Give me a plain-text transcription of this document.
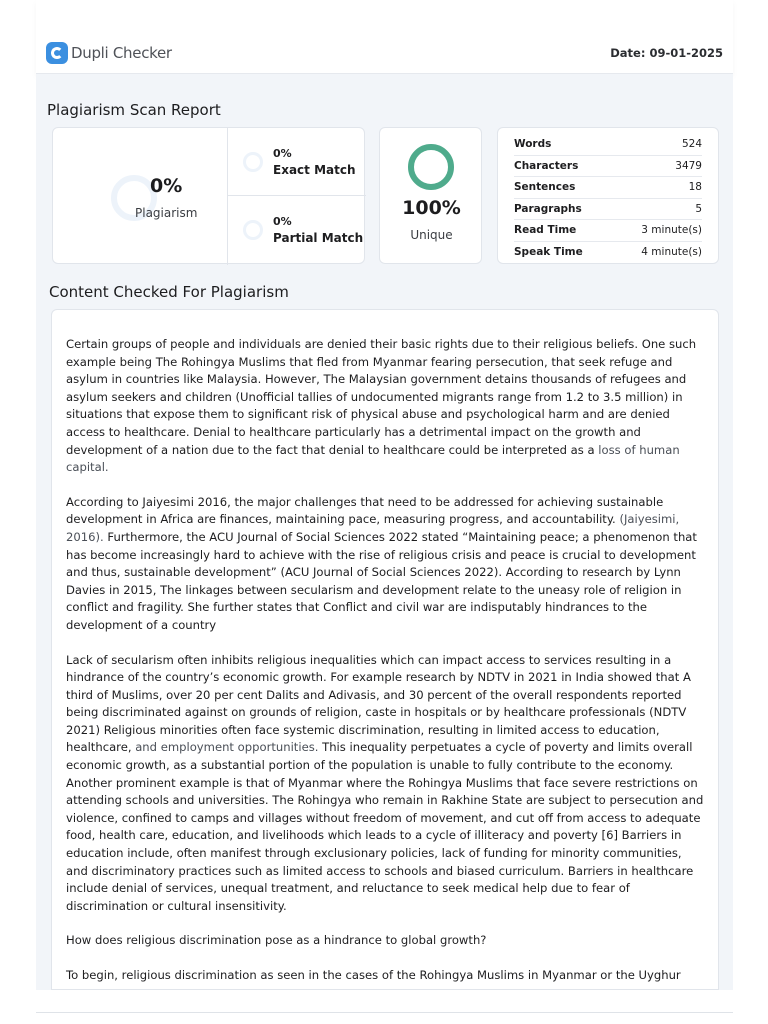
Dupli Checker	Date: 09-01-2025
Plagiarism Scan Report
0%
Plagiarism
0%
Exact Match
0%
Partial Match
100%
Unique
Words	524
Characters	3479
Sentences	18
Paragraphs	5
Read Time	3 minute(s)
Speak Time	4 minute(s)
Content Checked For Plagiarism

Certain groups of people and individuals are denied their basic rights due to their religious beliefs. One such example being The Rohingya Muslims that fled from Myanmar fearing persecution, that seek refuge and asylum in countries like Malaysia. However, The Malaysian government detains thousands of refugees and asylum seekers and children (Unofficial tallies of undocumented migrants range from 1.2 to 3.5 million) in situations that expose them to significant risk of physical abuse and psychological harm and are denied access to healthcare. Denial to healthcare particularly has a detrimental impact on the growth and development of a nation due to the fact that denial to healthcare could be interpreted as a loss of human capital.

According to Jaiyesimi 2016, the major challenges that need to be addressed for achieving sustainable development in Africa are finances, maintaining pace, measuring progress, and accountability. (Jaiyesimi, 2016). Furthermore, the ACU Journal of Social Sciences 2022 stated “Maintaining peace; a phenomenon that has become increasingly hard to achieve with the rise of religious crisis and peace is crucial to development and thus, sustainable development” (ACU Journal of Social Sciences 2022). According to research by Lynn Davies in 2015, The linkages between secularism and development relate to the uneasy role of religion in conflict and fragility. She further states that Conflict and civil war are indisputably hindrances to the development of a country

Lack of secularism often inhibits religious inequalities which can impact access to services resulting in a hindrance of the country’s economic growth. For example research by NDTV in 2021 in India showed that A third of Muslims, over 20 per cent Dalits and Adivasis, and 30 percent of the overall respondents reported being discriminated against on grounds of religion, caste in hospitals or by healthcare professionals (NDTV 2021) Religious minorities often face systemic discrimination, resulting in limited access to education, healthcare, and employment opportunities. This inequality perpetuates a cycle of poverty and limits overall economic growth, as a substantial portion of the population is unable to fully contribute to the economy. Another prominent example is that of Myanmar where the Rohingya Muslims that face severe restrictions on attending schools and universities. The Rohingya who remain in Rakhine State are subject to persecution and violence, confined to camps and villages without freedom of movement, and cut off from access to adequate food, health care, education, and livelihoods which leads to a cycle of illiteracy and poverty [6] Barriers in education include, often manifest through exclusionary policies, lack of funding for minority communities, and discriminatory practices such as limited access to schools and biased curriculum. Barriers in healthcare include denial of services, unequal treatment, and reluctance to seek medical help due to fear of discrimination or cultural insensitivity.

How does religious discrimination pose as a hindrance to global growth?

To begin, religious discrimination as seen in the cases of the Rohingya Muslims in Myanmar or the Uyghur
